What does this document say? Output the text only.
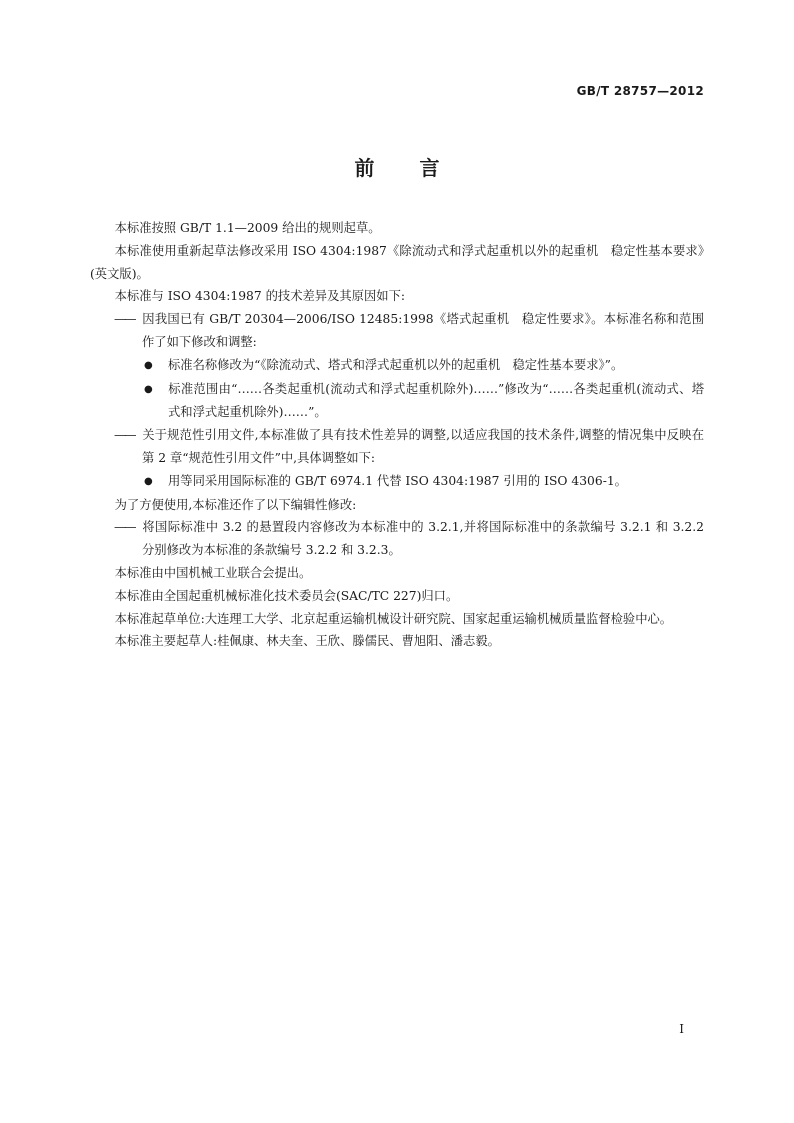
GB/T 28757—2012
前言

本标准按照 GB/T 1.1—2009 给出的规则起草。

本标准使用重新起草法修改采用 ISO 4304:1987《除流动式和浮式起重机以外的起重机　稳定性基本要求》(英文版)。

本标准与 ISO 4304:1987 的技术差异及其原因如下:

—— 因我国已有 GB/T 20304—2006/ISO 12485:1998《塔式起重机　稳定性要求》。本标准名称和范围作了如下修改和调整:

● 标准名称修改为“《除流动式、塔式和浮式起重机以外的起重机　稳定性基本要求》”。

● 标准范围由“……各类起重机(流动式和浮式起重机除外)……”修改为“……各类起重机(流动式、塔式和浮式起重机除外)……”。

—— 关于规范性引用文件,本标准做了具有技术性差异的调整,以适应我国的技术条件,调整的情况集中反映在第 2 章“规范性引用文件”中,具体调整如下:

● 用等同采用国际标准的 GB/T 6974.1 代替 ISO 4304:1987 引用的 ISO 4306-1。

为了方便使用,本标准还作了以下编辑性修改:

—— 将国际标准中 3.2 的悬置段内容修改为本标准中的 3.2.1,并将国际标准中的条款编号 3.2.1 和 3.2.2 分别修改为本标准的条款编号 3.2.2 和 3.2.3。

本标准由中国机械工业联合会提出。

本标准由全国起重机械标准化技术委员会(SAC/TC 227)归口。

本标准起草单位:大连理工大学、北京起重运输机械设计研究院、国家起重运输机械质量监督检验中心。

本标准主要起草人:桂佩康、林夫奎、王欣、滕儒民、曹旭阳、潘志毅。

I
